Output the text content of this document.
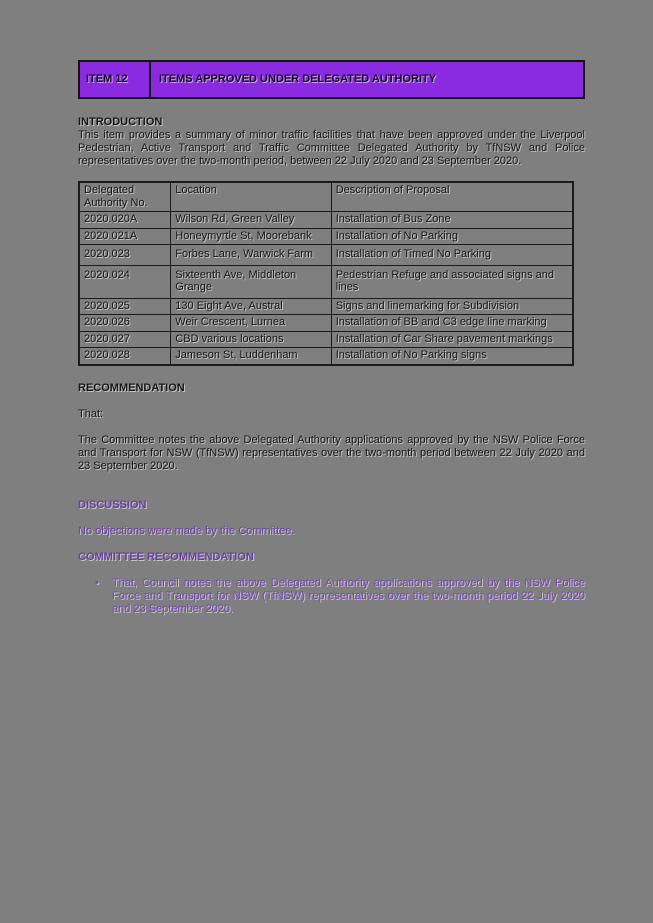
ITEM 12	ITEMS APPROVED UNDER DELEGATED AUTHORITY
INTRODUCTION

This item provides a summary of minor traffic facilities that have been approved under the Liverpool Pedestrian, Active Transport and Traffic Committee Delegated Authority by TfNSW and Police representatives over the two-month period, between 22 July 2020 and 23 September 2020.

Delegated Authority No.	Location	Description of Proposal
2020.020A	Wilson Rd, Green Valley	Installation of Bus Zone
2020.021A	Honeymyrtle St, Moorebank	Installation of No Parking
2020.023	Forbes Lane, Warwick Farm	Installation of Timed No Parking
2020.024	Sixteenth Ave, Middleton Grange	Pedestrian Refuge and associated signs and lines
2020.025	130 Eight Ave, Austral	Signs and linemarking for Subdivision
2020.026	Weir Crescent, Lurnea	Installation of BB and C3 edge line marking
2020.027	CBD various locations	Installation of Car Share pavement markings
2020.028	Jameson St, Luddenham	Installation of No Parking signs
RECOMMENDATION

That:

The Committee notes the above Delegated Authority applications approved by the NSW Police Force and Transport for NSW (TfNSW) representatives over the two-month period between 22 July 2020 and 23 September 2020.

DISCUSSION

No objections were made by the Committee.

COMMITTEE RECOMMENDATION
•	That, Council notes the above Delegated Authority applications approved by the NSW Police Force and Transport for NSW (TfNSW) representatives over the two-month period 22 July 2020 and 23 September 2020.
